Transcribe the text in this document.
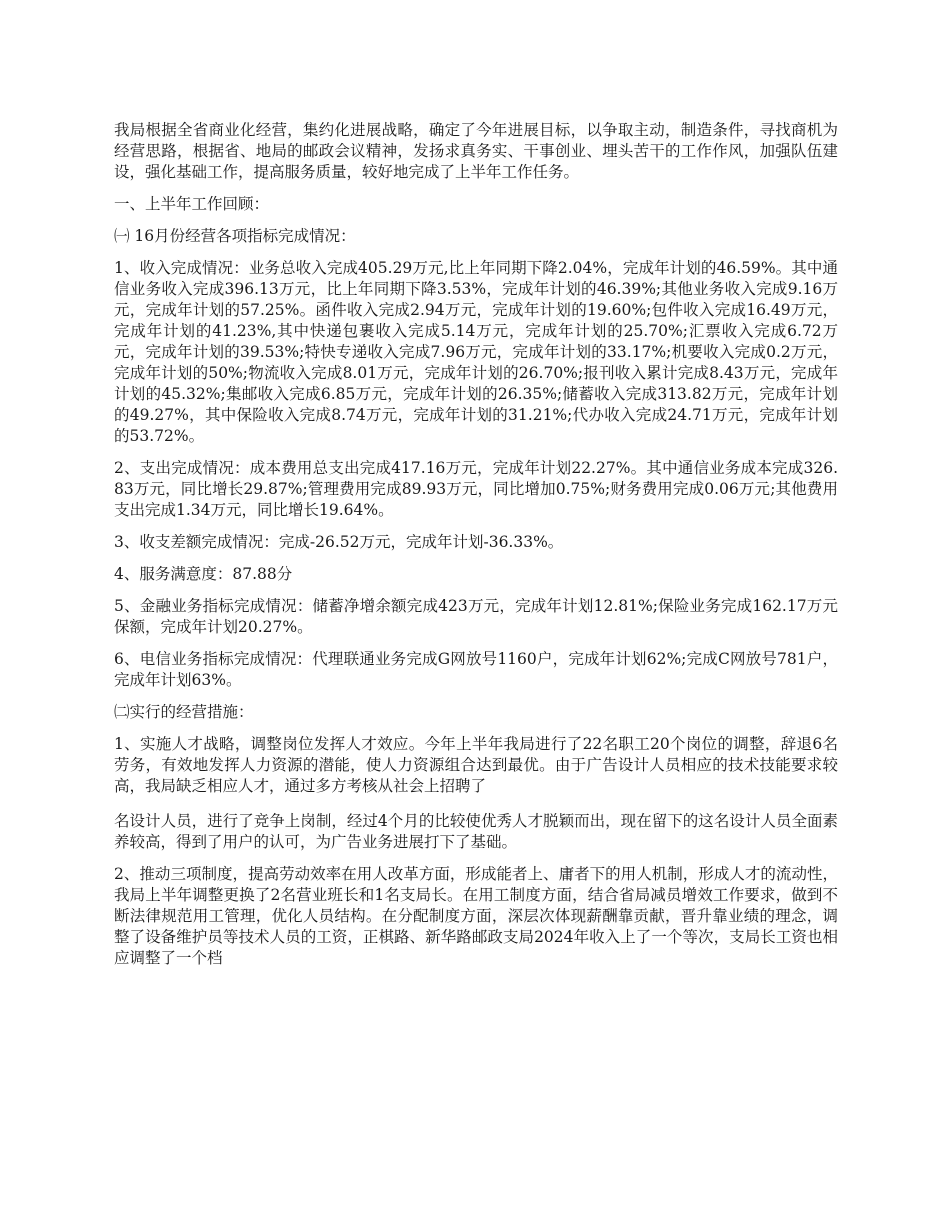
我局根据全省商业化经营，集约化进展战略，确定了今年进展目标，以争取主动，制造条件，寻找商机为经营思路，根据省、地局的邮政会议精神，发扬求真务实、干事创业、埋头苦干的工作作风，加强队伍建设，强化基础工作，提高服务质量，较好地完成了上半年工作任务。

一、上半年工作回顾：

㈠ 16月份经营各项指标完成情况：

1、收入完成情况：业务总收入完成405.29万元,比上年同期下降2.04%，完成年计划的46.59%。其中通信业务收入完成396.13万元，比上年同期下降3.53%，完成年计划的46.39%;其他业务收入完成9.16万元，完成年计划的57.25%。函件收入完成2.94万元，完成年计划的19.60%;包件收入完成16.49万元，完成年计划的41.23%,其中快递包裹收入完成5.14万元，完成年计划的25.70%;汇票收入完成6.72万元，完成年计划的39.53%;特快专递收入完成7.96万元，完成年计划的33.17%;机要收入完成0.2万元，完成年计划的50%;物流收入完成8.01万元，完成年计划的26.70%;报刊收入累计完成8.43万元，完成年计划的45.32%;集邮收入完成6.85万元，完成年计划的26.35%;储蓄收入完成313.82万元，完成年计划的49.27%，其中保险收入完成8.74万元，完成年计划的31.21%;代办收入完成24.71万元，完成年计划的53.72%。

2、支出完成情况：成本费用总支出完成417.16万元，完成年计划22.27%。其中通信业务成本完成326.83万元，同比增长29.87%;管理费用完成89.93万元，同比增加0.75%;财务费用完成0.06万元;其他费用支出完成1.34万元，同比增长19.64%。

3、收支差额完成情况：完成-26.52万元，完成年计划-36.33%。

4、服务满意度：87.88分

5、金融业务指标完成情况：储蓄净增余额完成423万元，完成年计划12.81%;保险业务完成162.17万元保额，完成年计划20.27%。

6、电信业务指标完成情况：代理联通业务完成G网放号1160户，完成年计划62%;完成C网放号781户，完成年计划63%。

㈡实行的经营措施：

1、实施人才战略，调整岗位发挥人才效应。今年上半年我局进行了22名职工20个岗位的调整，辞退6名劳务，有效地发挥人力资源的潜能，使人力资源组合达到最优。由于广告设计人员相应的技术技能要求较高，我局缺乏相应人才，通过多方考核从社会上招聘了

名设计人员，进行了竞争上岗制，经过4个月的比较使优秀人才脱颖而出，现在留下的这名设计人员全面素养较高，得到了用户的认可，为广告业务进展打下了基础。

2、推动三项制度，提高劳动效率在用人改革方面，形成能者上、庸者下的用人机制，形成人才的流动性，我局上半年调整更换了2名营业班长和1名支局长。在用工制度方面，结合省局减员增效工作要求，做到不断法律规范用工管理，优化人员结构。在分配制度方面，深层次体现薪酬靠贡献，晋升靠业绩的理念，调整了设备维护员等技术人员的工资，正棋路、新华路邮政支局2024年收入上了一个等次，支局长工资也相应调整了一个档
